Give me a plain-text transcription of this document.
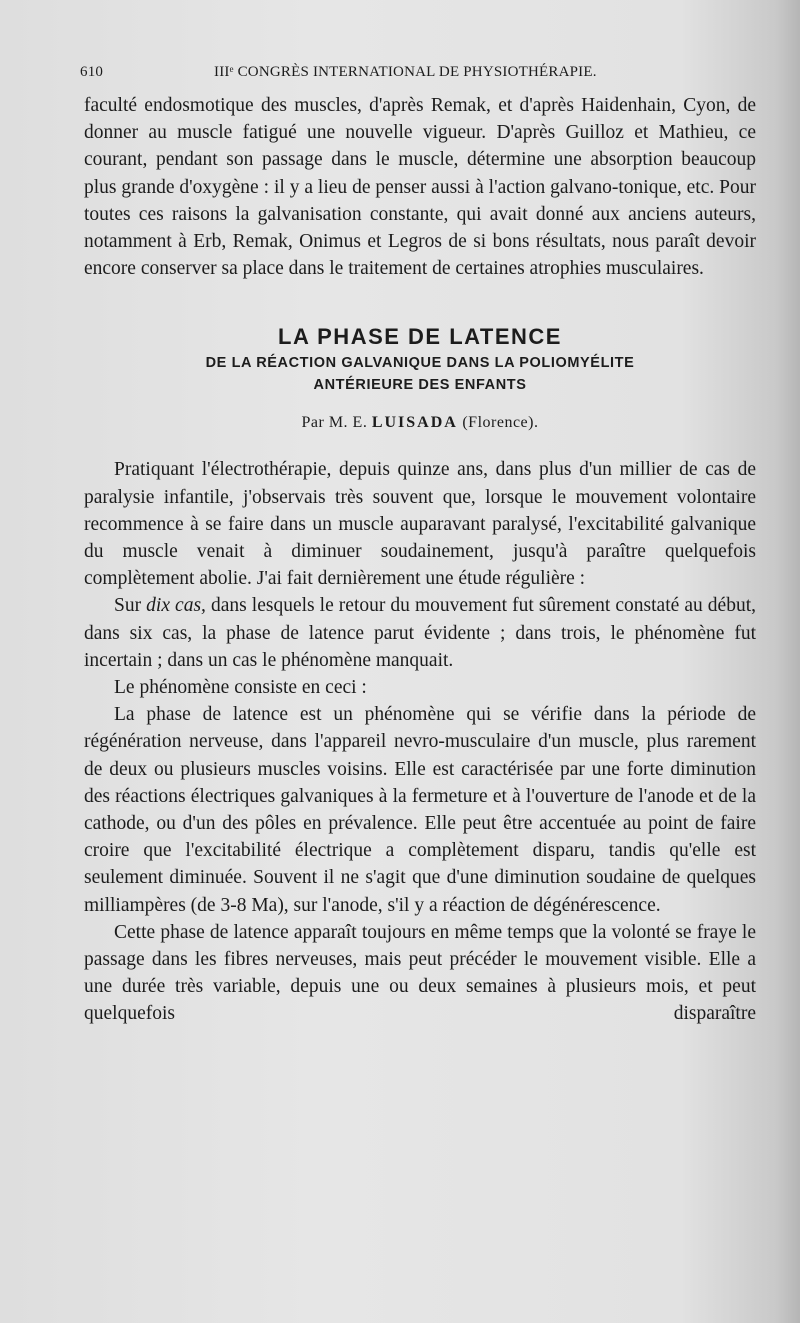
610	IIIᵉ CONGRÈS INTERNATIONAL DE PHYSIOTHÉRAPIE.

faculté endosmotique des muscles, d'après Remak, et d'après Haidenhain, Cyon, de donner au muscle fatigué une nouvelle vigueur. D'après Guilloz et Mathieu, ce courant, pendant son passage dans le muscle, détermine une absorption beaucoup plus grande d'oxygène : il y a lieu de penser aussi à l'action galvano-tonique, etc. Pour toutes ces raisons la galvanisation constante, qui avait donné aux anciens auteurs, notamment à Erb, Remak, Onimus et Legros de si bons résultats, nous paraît devoir encore conserver sa place dans le traitement de certaines atrophies musculaires.

LA PHASE DE LATENCE
DE LA RÉACTION GALVANIQUE DANS LA POLIOMYÉLITE
ANTÉRIEURE DES ENFANTS
Par M. E. LUISADA (Florence).

Pratiquant l'électrothérapie, depuis quinze ans, dans plus d'un millier de cas de paralysie infantile, j'observais très souvent que, lorsque le mouvement volontaire recommence à se faire dans un muscle auparavant paralysé, l'excitabilité galvanique du muscle venait à diminuer soudainement, jusqu'à paraître quelquefois complètement abolie. J'ai fait dernièrement une étude régulière :

Sur dix cas, dans lesquels le retour du mouvement fut sûrement constaté au début, dans six cas, la phase de latence parut évidente ; dans trois, le phénomène fut incertain ; dans un cas le phénomène manquait.

Le phénomène consiste en ceci :

La phase de latence est un phénomène qui se vérifie dans la période de régénération nerveuse, dans l'appareil nevro-musculaire d'un muscle, plus rarement de deux ou plusieurs muscles voisins. Elle est caractérisée par une forte diminution des réactions électriques galvaniques à la fermeture et à l'ouverture de l'anode et de la cathode, ou d'un des pôles en prévalence. Elle peut être accentuée au point de faire croire que l'excitabilité électrique a complètement disparu, tandis qu'elle est seulement diminuée. Souvent il ne s'agit que d'une diminution soudaine de quelques milliampères (de 3-8 Ma), sur l'anode, s'il y a réaction de dégénérescence.

Cette phase de latence apparaît toujours en même temps que la volonté se fraye le passage dans les fibres nerveuses, mais peut précéder le mouvement visible. Elle a une durée très variable, depuis une ou deux semaines à plusieurs mois, et peut quelquefois disparaître
